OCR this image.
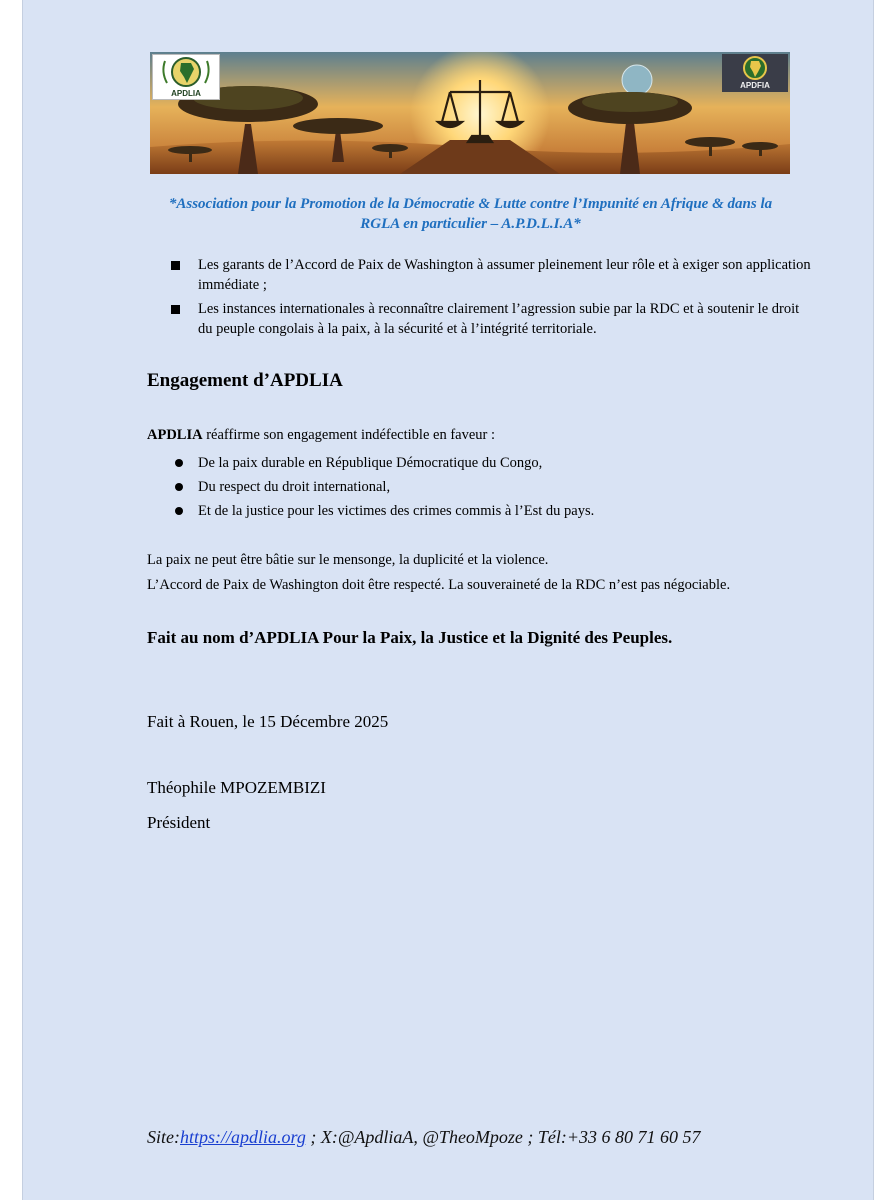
APDLIA
APDFIA
*Association pour la Promotion de la Démocratie & Lutte contre l’Impunité en Afrique & dans la RGLA en particulier – A.P.D.L.I.A*
Les garants de l’Accord de Paix de Washington à assumer pleinement leur rôle et à exiger son application immédiate ;
Les instances internationales à reconnaître clairement l’agression subie par la RDC et à soutenir le droit du peuple congolais à la paix, à la sécurité et à l’intégrité territoriale.
Engagement d’APDLIA
APDLIA réaffirme son engagement indéfectible en faveur :
De la paix durable en République Démocratique du Congo,
Du respect du droit international,
Et de la justice pour les victimes des crimes commis à l’Est du pays.
La paix ne peut être bâtie sur le mensonge, la duplicité et la violence.
L’Accord de Paix de Washington doit être respecté. La souveraineté de la RDC n’est pas négociable.
Fait au nom d’APDLIA Pour la Paix, la Justice et la Dignité des Peuples.
Fait à Rouen, le 15 Décembre 2025
Théophile MPOZEMBIZI
Président
Site:https://apdlia.org ; X:@ApdliaA, @TheoMpoze ; Tél:+33 6 80 71 60 57
